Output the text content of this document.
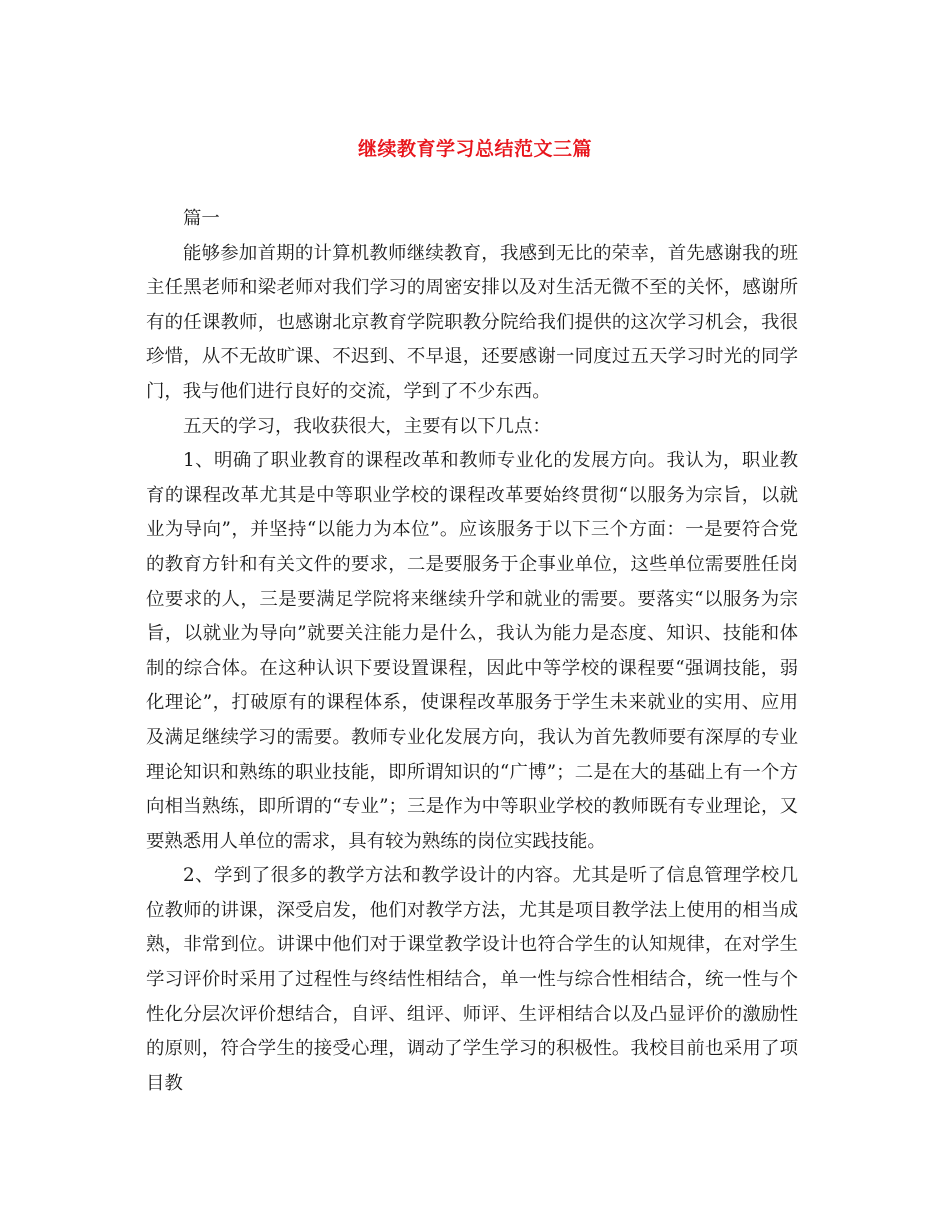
继续教育学习总结范文三篇

篇一

能够参加首期的计算机教师继续教育，我感到无比的荣幸，首先感谢我的班主任黑老师和梁老师对我们学习的周密安排以及对生活无微不至的关怀，感谢所有的任课教师，也感谢北京教育学院职教分院给我们提供的这次学习机会，我很珍惜，从不无故旷课、不迟到、不早退，还要感谢一同度过五天学习时光的同学门，我与他们进行良好的交流，学到了不少东西。

五天的学习，我收获很大，主要有以下几点：

1、明确了职业教育的课程改革和教师专业化的发展方向。我认为，职业教育的课程改革尤其是中等职业学校的课程改革要始终贯彻“以服务为宗旨，以就业为导向”，并坚持“以能力为本位”。应该服务于以下三个方面：一是要符合党的教育方针和有关文件的要求，二是要服务于企事业单位，这些单位需要胜任岗位要求的人，三是要满足学院将来继续升学和就业的需要。要落实“以服务为宗旨，以就业为导向”就要关注能力是什么，我认为能力是态度、知识、技能和体制的综合体。在这种认识下要设置课程，因此中等学校的课程要“强调技能，弱化理论”，打破原有的课程体系，使课程改革服务于学生未来就业的实用、应用及满足继续学习的需要。教师专业化发展方向，我认为首先教师要有深厚的专业理论知识和熟练的职业技能，即所谓知识的“广博”；二是在大的基础上有一个方向相当熟练，即所谓的“专业”；三是作为中等职业学校的教师既有专业理论，又要熟悉用人单位的需求，具有较为熟练的岗位实践技能。

2、学到了很多的教学方法和教学设计的内容。尤其是听了信息管理学校几位教师的讲课，深受启发，他们对教学方法，尤其是项目教学法上使用的相当成熟，非常到位。讲课中他们对于课堂教学设计也符合学生的认知规律，在对学生学习评价时采用了过程性与终结性相结合，单一性与综合性相结合，统一性与个性化分层次评价想结合，自评、组评、师评、生评相结合以及凸显评价的激励性的原则，符合学生的接受心理，调动了学生学习的积极性。我校目前也采用了项目教
